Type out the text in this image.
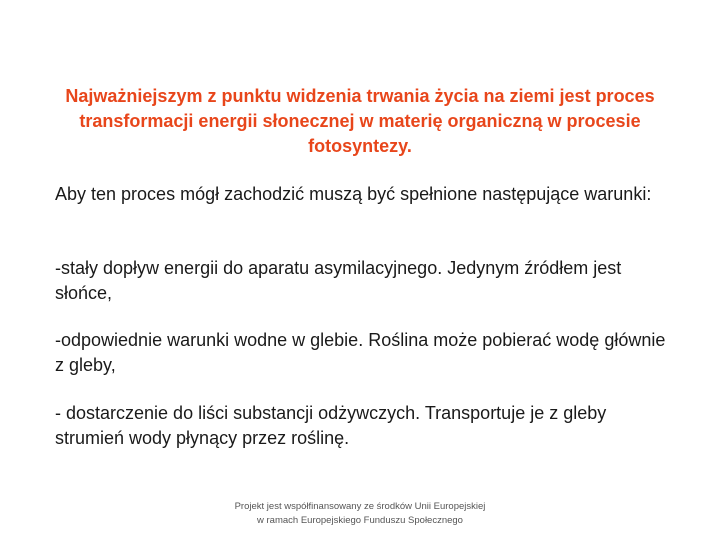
Najważniejszym z punktu widzenia trwania życia na ziemi jest proces transformacji energii słonecznej w materię organiczną w procesie fotosyntezy.

Aby ten proces mógł zachodzić muszą być spełnione następujące warunki:

-stały dopływ energii do aparatu asymilacyjnego. Jedynym źródłem jest słońce,

-odpowiednie warunki wodne w glebie. Roślina może pobierać wodę głównie z gleby,

- dostarczenie do liści substancji odżywczych. Transportuje je z gleby strumień wody płynący przez roślinę.

Projekt jest współfinansowany ze środków Unii Europejskiej
w ramach Europejskiego Funduszu Społecznego
